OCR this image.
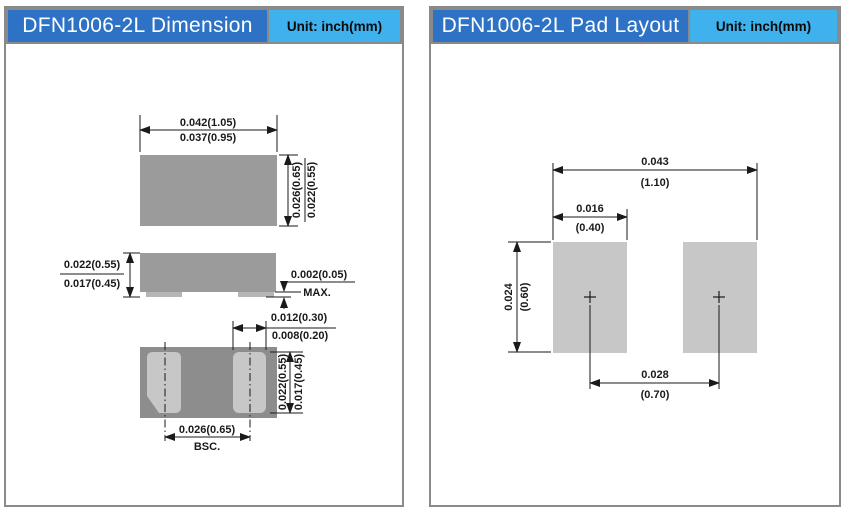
DFN1006-2L Dimension	Unit: inch(mm)
0.042(1.05)
0.037(0.95)
0.026(0.65) 0.022(0.55)
0.022(0.55)
0.017(0.45)
0.002(0.05)
MAX.
0.012(0.30)
0.008(0.20)
0.022(0.55) 0.017(0.45)
0.026(0.65)
BSC.
DFN1006-2L Pad Layout	Unit: inch(mm)
0.043
(1.10)
0.016
(0.40)
0.024 (0.60)
0.028
(0.70)
